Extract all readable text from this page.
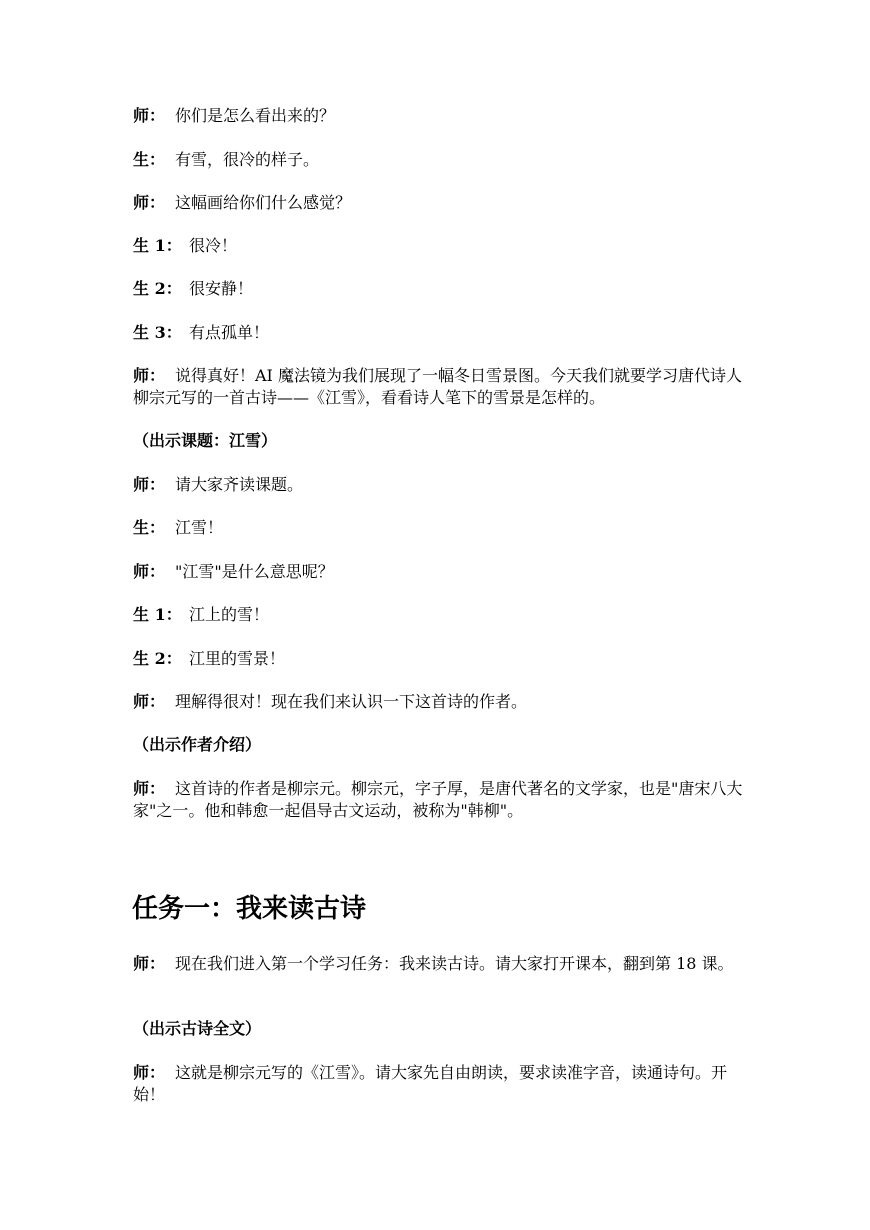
师： 你们是怎么看出来的？
生： 有雪，很冷的样子。
师： 这幅画给你们什么感觉？
生 1： 很冷！
生 2： 很安静！
生 3： 有点孤单！
师： 说得真好！AI 魔法镜为我们展现了一幅冬日雪景图。今天我们就要学习唐代诗人柳宗元写的一首古诗——《江雪》，看看诗人笔下的雪景是怎样的。
（出示课题：江雪）
师： 请大家齐读课题。
生： 江雪！
师： "江雪"是什么意思呢？
生 1： 江上的雪！
生 2： 江里的雪景！
师： 理解得很对！现在我们来认识一下这首诗的作者。
（出示作者介绍）
师： 这首诗的作者是柳宗元。柳宗元，字子厚，是唐代著名的文学家，也是"唐宋八大家"之一。他和韩愈一起倡导古文运动，被称为"韩柳"。
任务一：我来读古诗
师： 现在我们进入第一个学习任务：我来读古诗。请大家打开课本，翻到第 18 课。
（出示古诗全文）
师： 这就是柳宗元写的《江雪》。请大家先自由朗读，要求读准字音，读通诗句。开始！
